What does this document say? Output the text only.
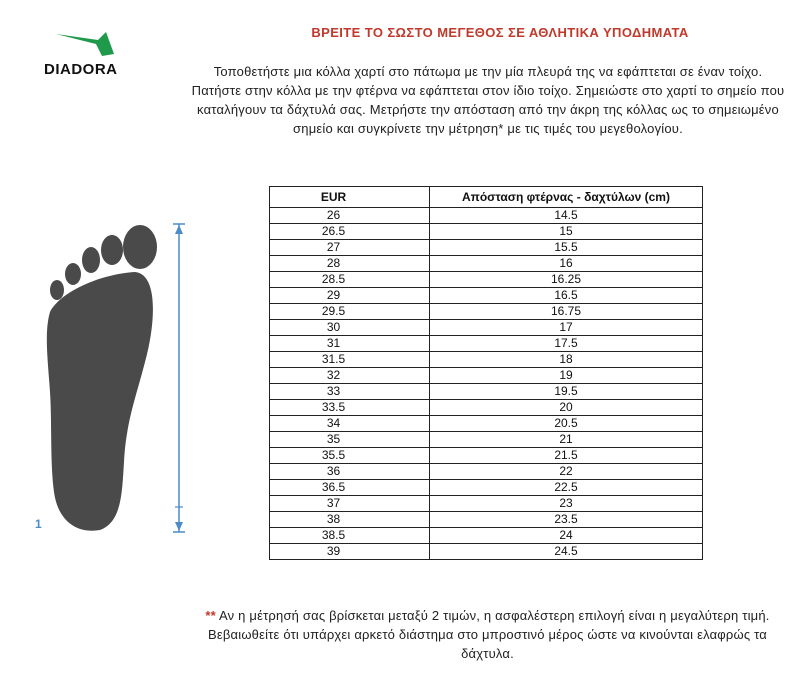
DIADORA
ΒΡΕΙΤΕ ΤΟ ΣΩΣΤΟ ΜΕΓΕΘΟΣ ΣΕ ΑΘΛΗΤΙΚΑ ΥΠΟΔΗΜΑΤΑ
Τοποθετήστε μια κόλλα χαρτί στο πάτωμα με την μία πλευρά της να εφάπτεται σε έναν τοίχο. Πατήστε στην κόλλα με την φτέρνα να εφάπτεται στον ίδιο τοίχο. Σημειώστε στο χαρτί το σημείο που καταλήγουν τα δάχτυλά σας. Μετρήστε την απόσταση από την άκρη της κόλλας ως το σημειωμένο σημείο και συγκρίνετε την μέτρηση* με τις τιμές του μεγεθολογίου.
1
EUR	Απόσταση φτέρνας - δαχτύλων (cm)
26	14.5
26.5	15
27	15.5
28	16
28.5	16.25
29	16.5
29.5	16.75
30	17
31	17.5
31.5	18
32	19
33	19.5
33.5	20
34	20.5
35	21
35.5	21.5
36	22
36.5	22.5
37	23
38	23.5
38.5	24
39	24.5
** Αν η μέτρησή σας βρίσκεται μεταξύ 2 τιμών, η ασφαλέστερη επιλογή είναι η μεγαλύτερη τιμή. Βεβαιωθείτε ότι υπάρχει αρκετό διάστημα στο μπροστινό μέρος ώστε να κινούνται ελαφρώς τα δάχτυλα.
